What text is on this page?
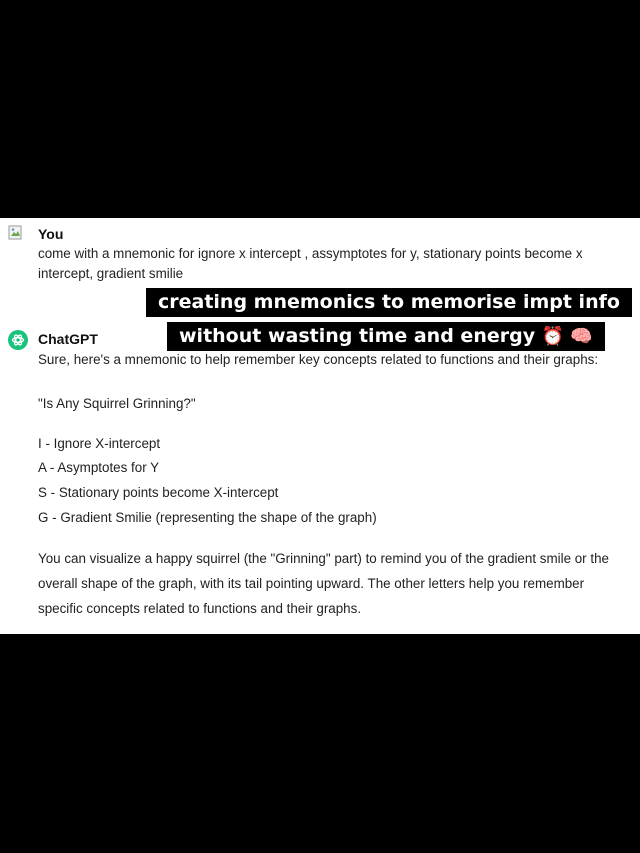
You
come with a mnemonic for ignore x intercept , assymptotes for y, stationary points become x intercept, gradient smilie
ChatGPT
Sure, here's a mnemonic to help remember key concepts related to functions and their graphs:
"Is Any Squirrel Grinning?"
I - Ignore X-intercept
A - Asymptotes for Y
S - Stationary points become X-intercept
G - Gradient Smilie (representing the shape of the graph)
You can visualize a happy squirrel (the "Grinning" part) to remind you of the gradient smile or the
overall shape of the graph, with its tail pointing upward. The other letters help you remember
specific concepts related to functions and their graphs.
creating mnemonics to memorise impt info
without wasting time and energy ⏰ 🧠
